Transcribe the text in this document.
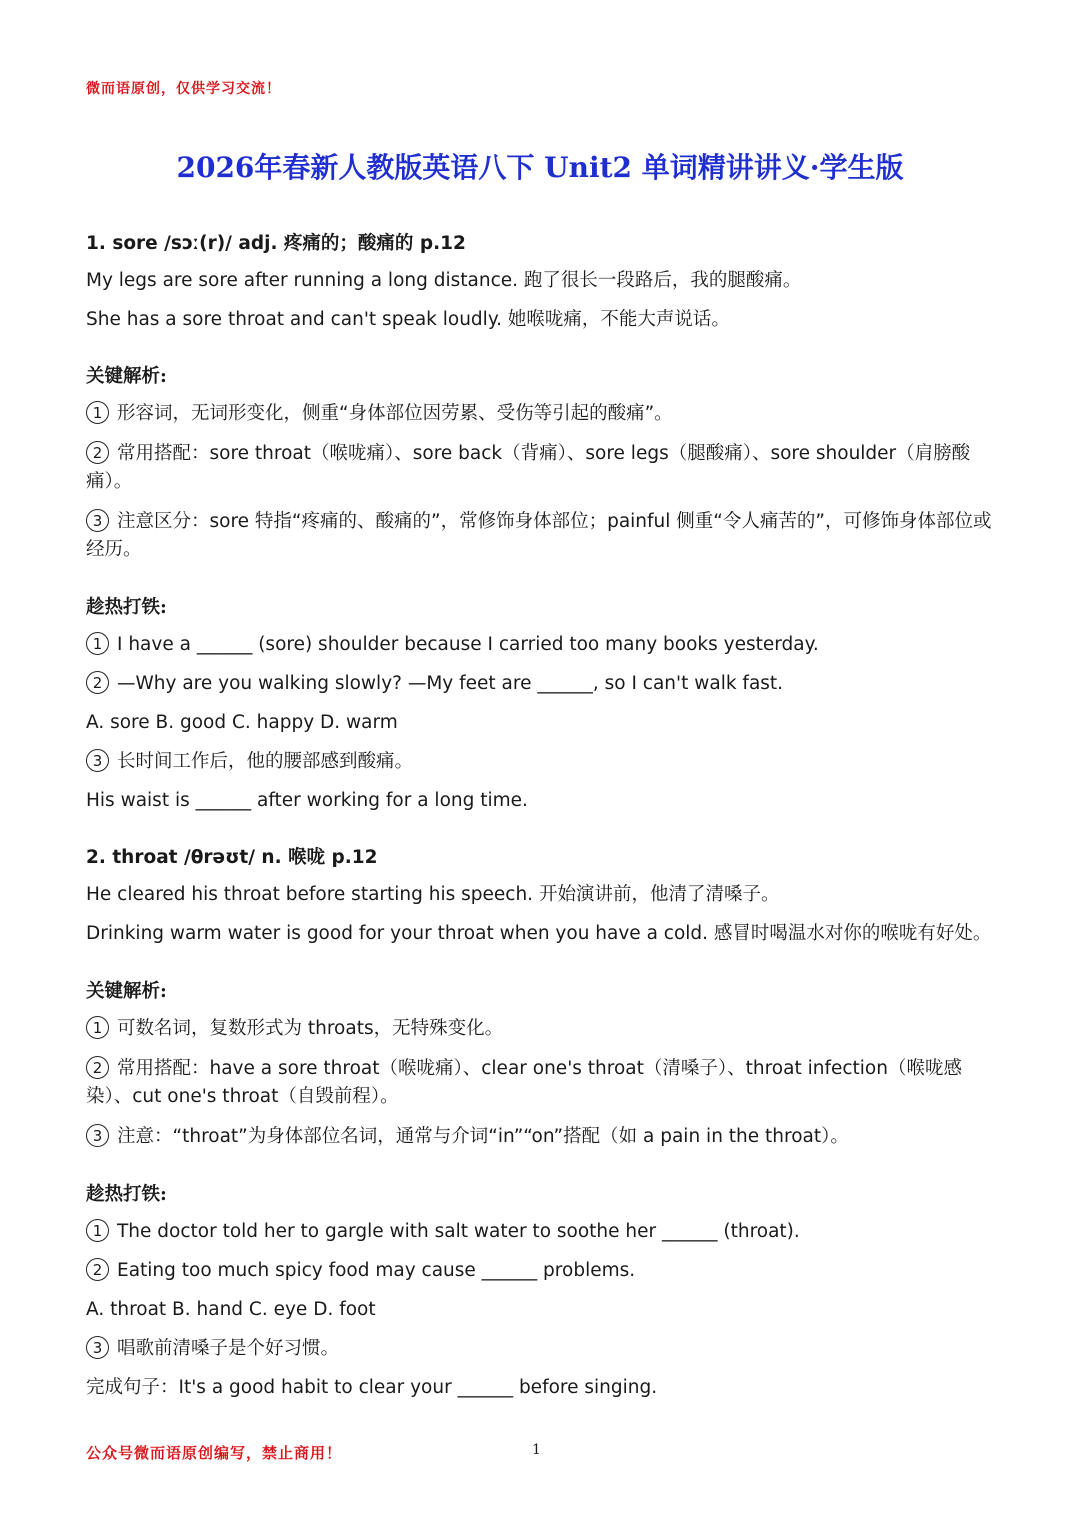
微而语原创，仅供学习交流！
2026年春新人教版英语八下 Unit2 单词精讲讲义·学生版
1. sore /sɔː(r)/ adj. 疼痛的；酸痛的 p.12
My legs are sore after running a long distance. 跑了很长一段路后，我的腿酸痛。
She has a sore throat and can't speak loudly. 她喉咙痛，不能大声说话。
关键解析:
1 形容词，无词形变化，侧重“身体部位因劳累、受伤等引起的酸痛”。
2 常用搭配：sore throat（喉咙痛）、sore back（背痛）、sore legs（腿酸痛）、sore shoulder（肩膀酸痛）。
3 注意区分：sore 特指“疼痛的、酸痛的”，常修饰身体部位；painful 侧重“令人痛苦的”，可修饰身体部位或经历。
趁热打铁:
1 I have a ______ (sore) shoulder because I carried too many books yesterday.
2 —Why are you walking slowly? —My feet are ______, so I can't walk fast.
A. sore B. good C. happy D. warm
3 长时间工作后，他的腰部感到酸痛。
His waist is ______ after working for a long time.
2. throat /θrəʊt/ n. 喉咙 p.12
He cleared his throat before starting his speech. 开始演讲前，他清了清嗓子。
Drinking warm water is good for your throat when you have a cold. 感冒时喝温水对你的喉咙有好处。
关键解析:
1 可数名词，复数形式为 throats，无特殊变化。
2 常用搭配：have a sore throat（喉咙痛）、clear one's throat（清嗓子）、throat infection（喉咙感染）、cut one's throat（自毁前程）。
3 注意：“throat”为身体部位名词，通常与介词“in”“on”搭配（如 a pain in the throat）。
趁热打铁:
1 The doctor told her to gargle with salt water to soothe her ______ (throat).
2 Eating too much spicy food may cause ______ problems.
A. throat B. hand C. eye D. foot
3 唱歌前清嗓子是个好习惯。
完成句子：It's a good habit to clear your ______ before singing.
公众号微而语原创编写，禁止商用！	1
